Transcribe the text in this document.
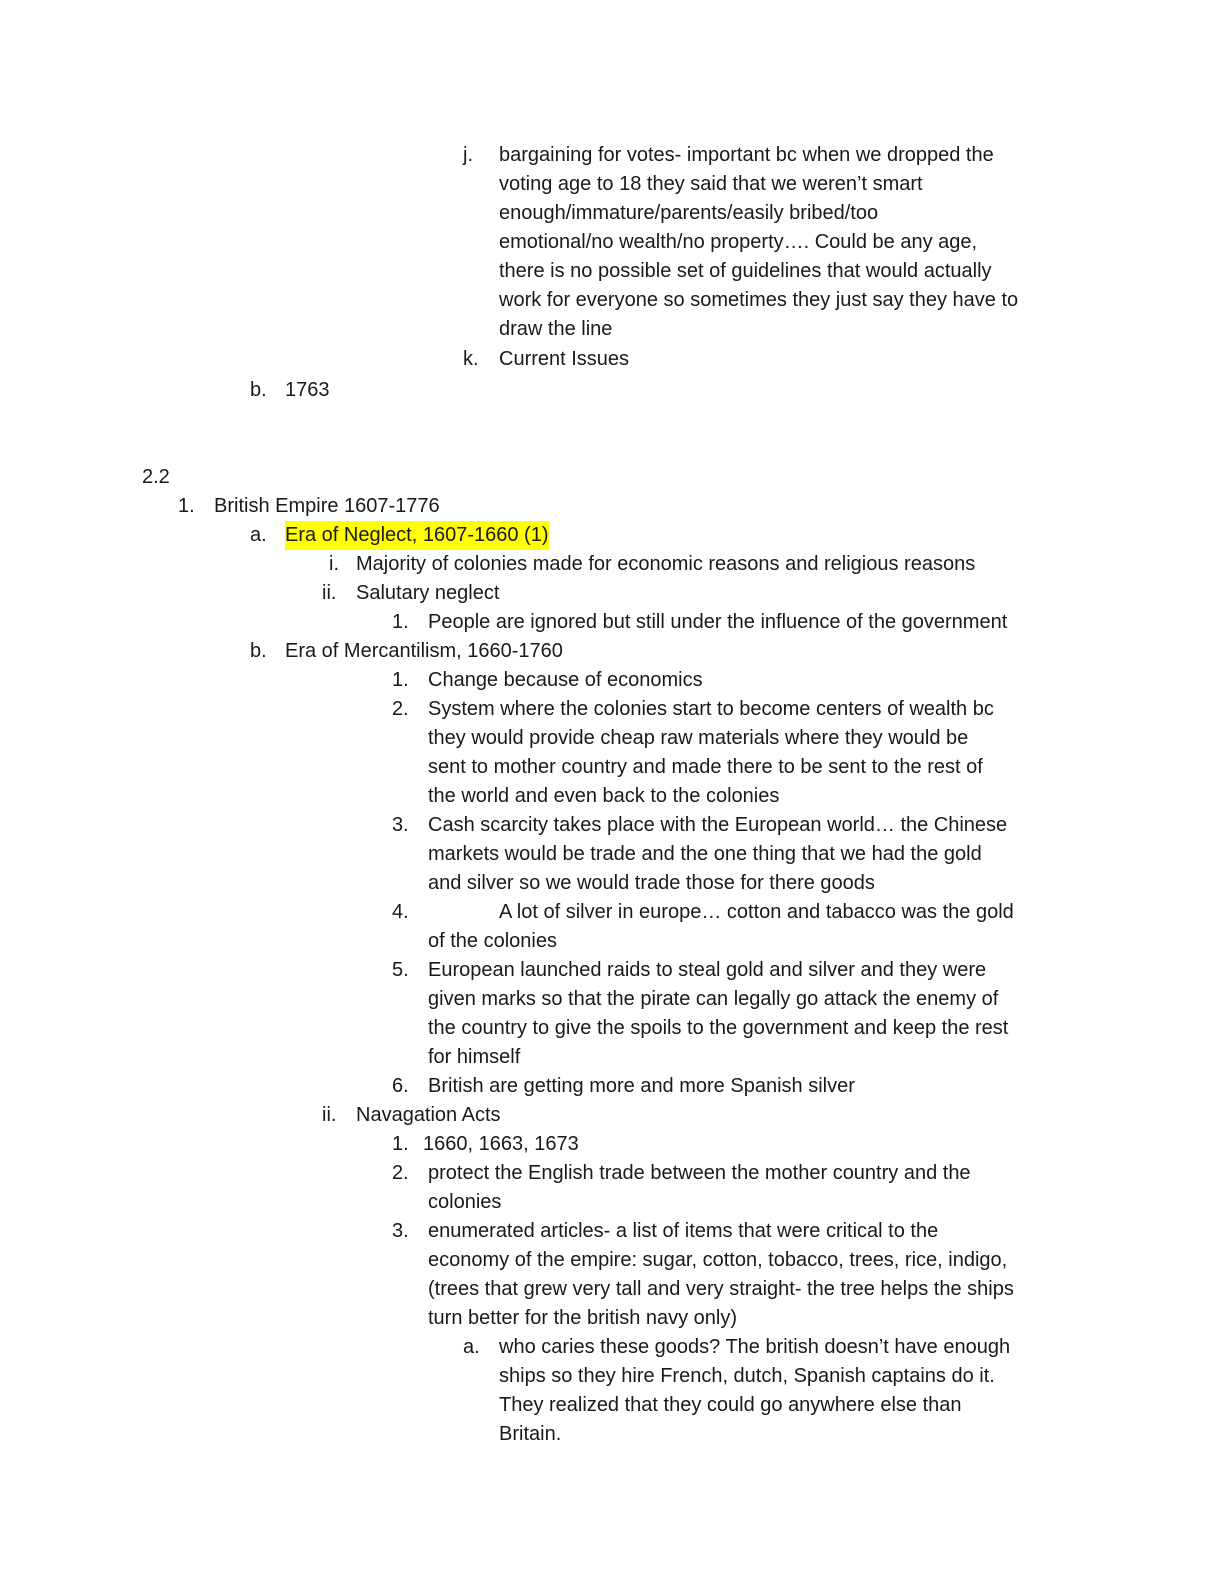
j. bargaining for votes- important bc when we dropped the
voting age to 18 they said that we weren’t smart
enough/immature/parents/easily bribed/too
emotional/no wealth/no property…. Could be any age,
there is no possible set of guidelines that would actually
work for everyone so sometimes they just say they have to
draw the line
k. Current Issues
b. 1763
2.2
1. British Empire 1607-1776
a. Era of Neglect, 1607-1660 (1)
i. Majority of colonies made for economic reasons and religious reasons
ii. Salutary neglect
1. People are ignored but still under the influence of the government
b. Era of Mercantilism, 1660-1760
1. Change because of economics
2. System where the colonies start to become centers of wealth bc
they would provide cheap raw materials where they would be
sent to mother country and made there to be sent to the rest of
the world and even back to the colonies
3. Cash scarcity takes place with the European world… the Chinese
markets would be trade and the one thing that we had the gold
and silver so we would trade those for there goods
4.	A lot of silver in europe… cotton and tabacco was the gold
of the colonies
5. European launched raids to steal gold and silver and they were
given marks so that the pirate can legally go attack the enemy of
the country to give the spoils to the government and keep the rest
for himself
6. British are getting more and more Spanish silver
ii. Navagation Acts
1. 1660, 1663, 1673
2. protect the English trade between the mother country and the
colonies
3. enumerated articles- a list of items that were critical to the
economy of the empire: sugar, cotton, tobacco, trees, rice, indigo,
(trees that grew very tall and very straight- the tree helps the ships
turn better for the british navy only)
a. who caries these goods? The british doesn’t have enough
ships so they hire French, dutch, Spanish captains do it.
They realized that they could go anywhere else than
Britain.
